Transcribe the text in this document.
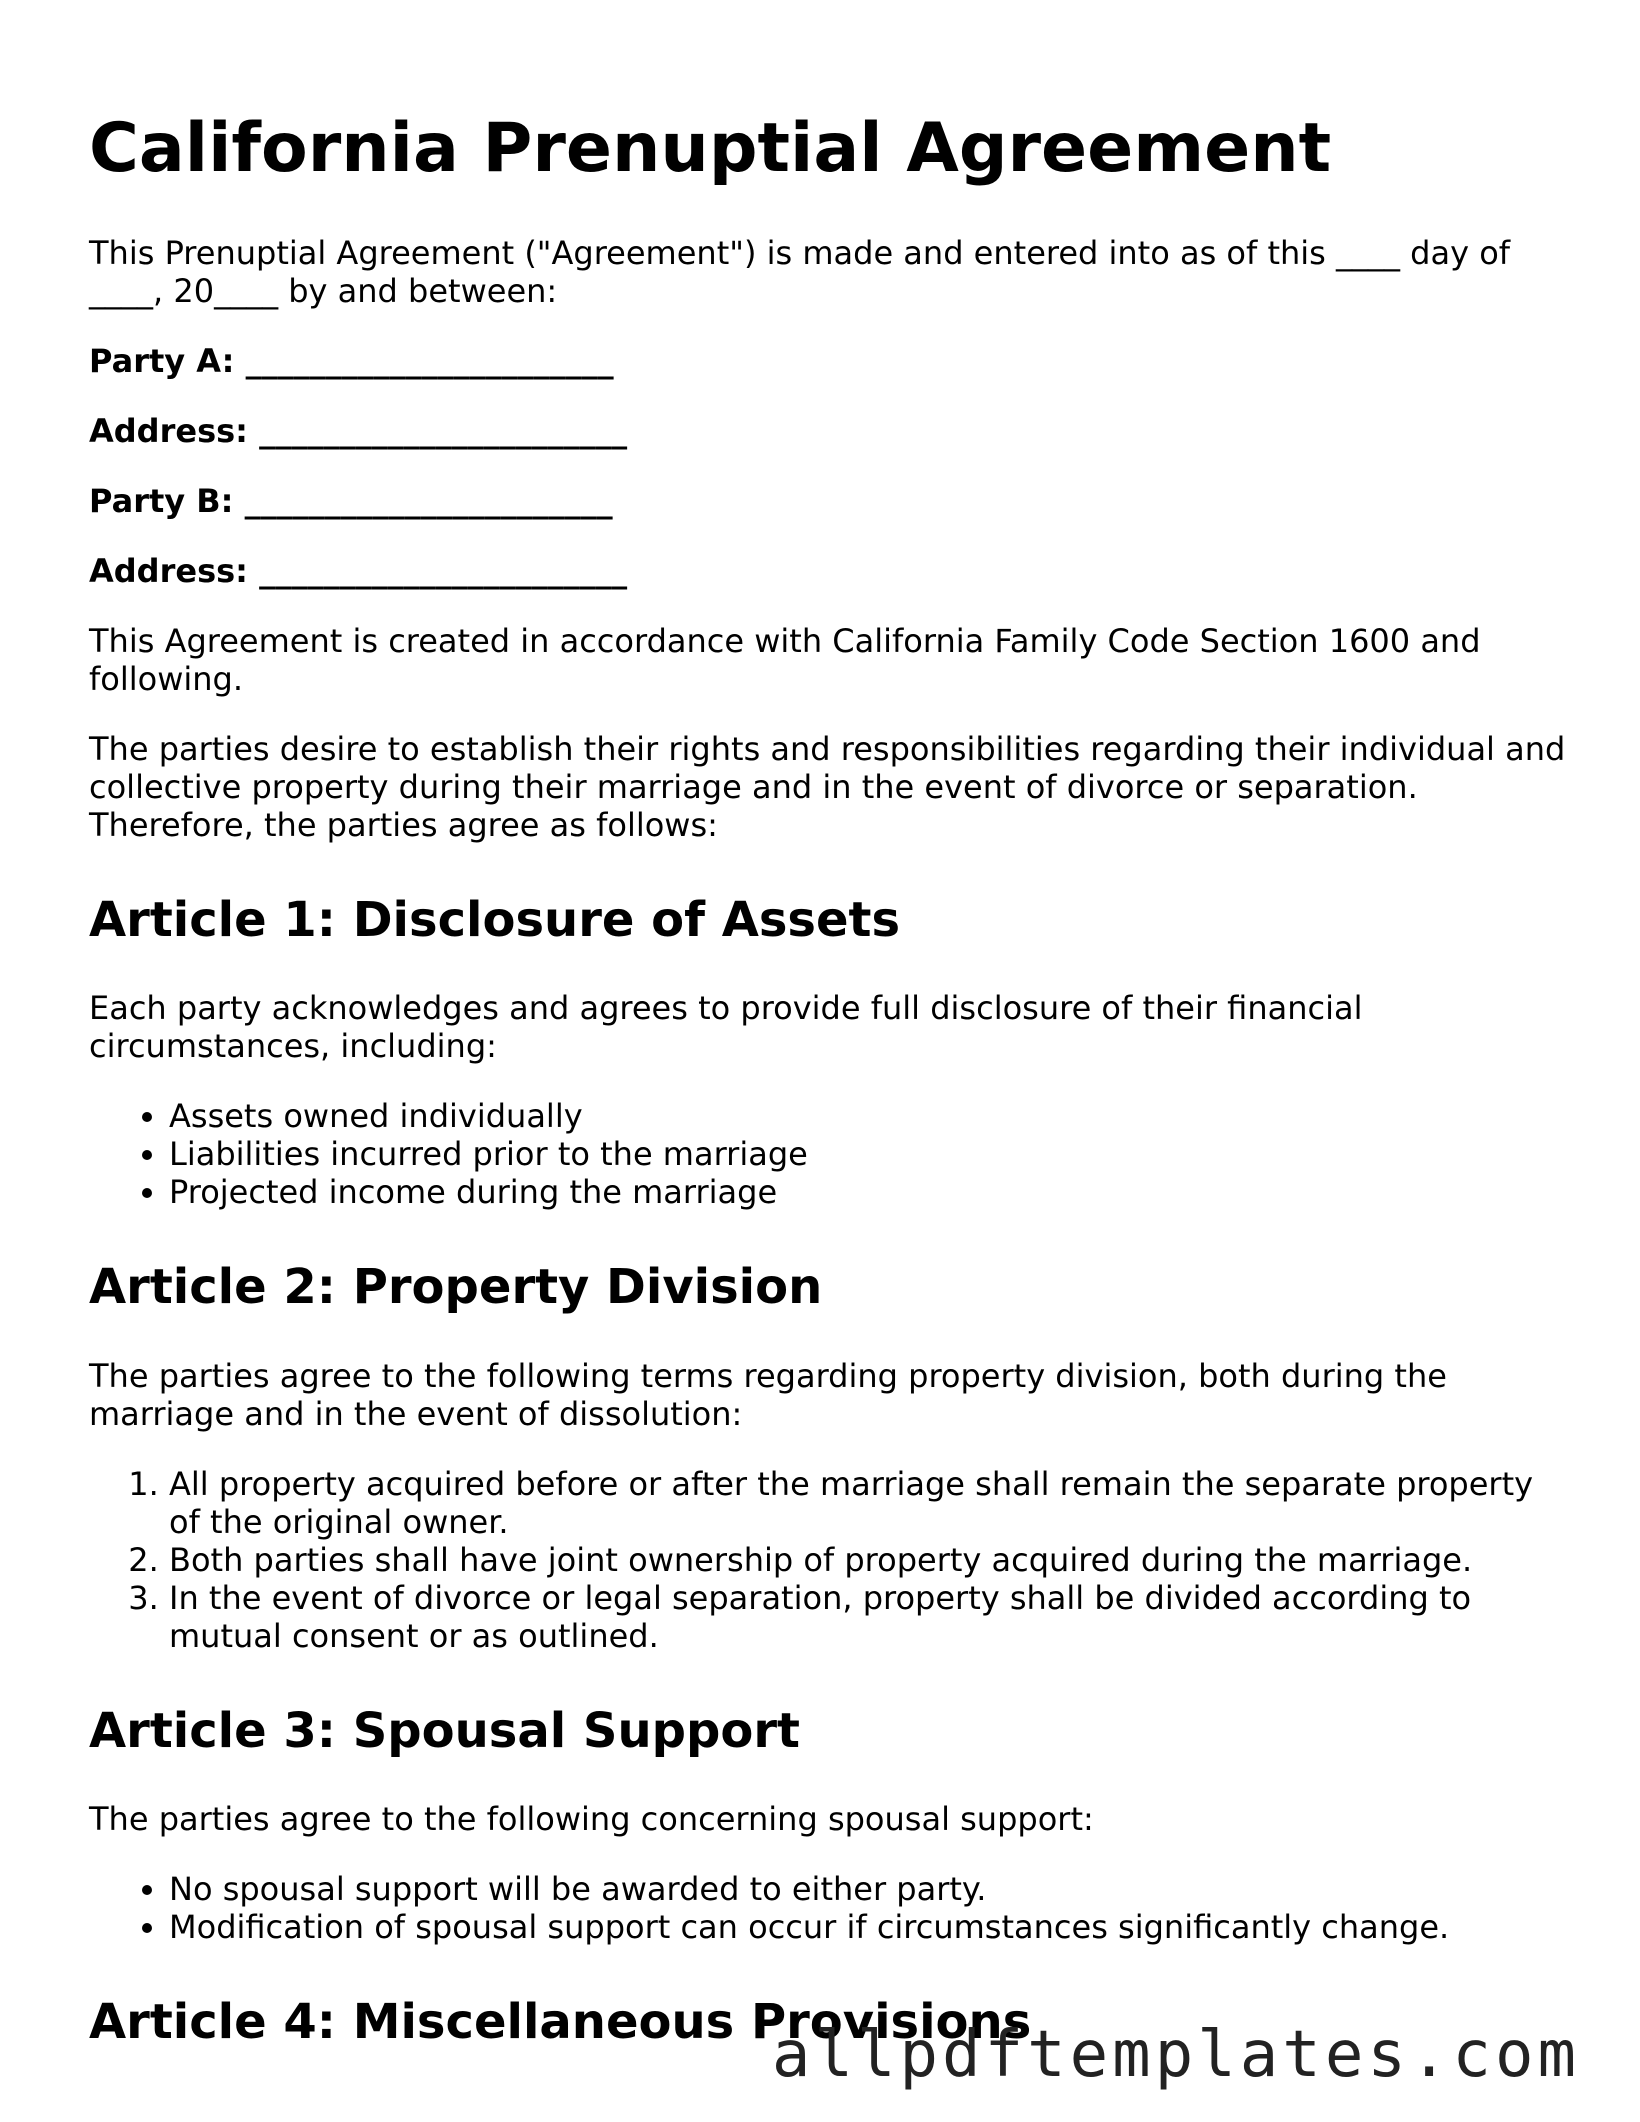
California Prenuptial Agreement

This Prenuptial Agreement ("Agreement") is made and entered into as of this ____ day of ____, 20____ by and between:

Party A: _______________________
Address: _______________________
Party B: _______________________
Address: _______________________

This Agreement is created in accordance with California Family Code Section 1600 and following.

The parties desire to establish their rights and responsibilities regarding their individual and collective property during their marriage and in the event of divorce or separation. Therefore, the parties agree as follows:

Article 1: Disclosure of Assets

Each party acknowledges and agrees to provide full disclosure of their financial circumstances, including:

• Assets owned individually
• Liabilities incurred prior to the marriage
• Projected income during the marriage
Article 2: Property Division

The parties agree to the following terms regarding property division, both during the marriage and in the event of dissolution:

1. All property acquired before or after the marriage shall remain the separate property of the original owner.
2. Both parties shall have joint ownership of property acquired during the marriage.
3. In the event of divorce or legal separation, property shall be divided according to mutual consent or as outlined.
Article 3: Spousal Support

The parties agree to the following concerning spousal support:

• No spousal support will be awarded to either party.
• Modification of spousal support can occur if circumstances significantly change.
Article 4: Miscellaneous Provisions
allpdftemplates.com
